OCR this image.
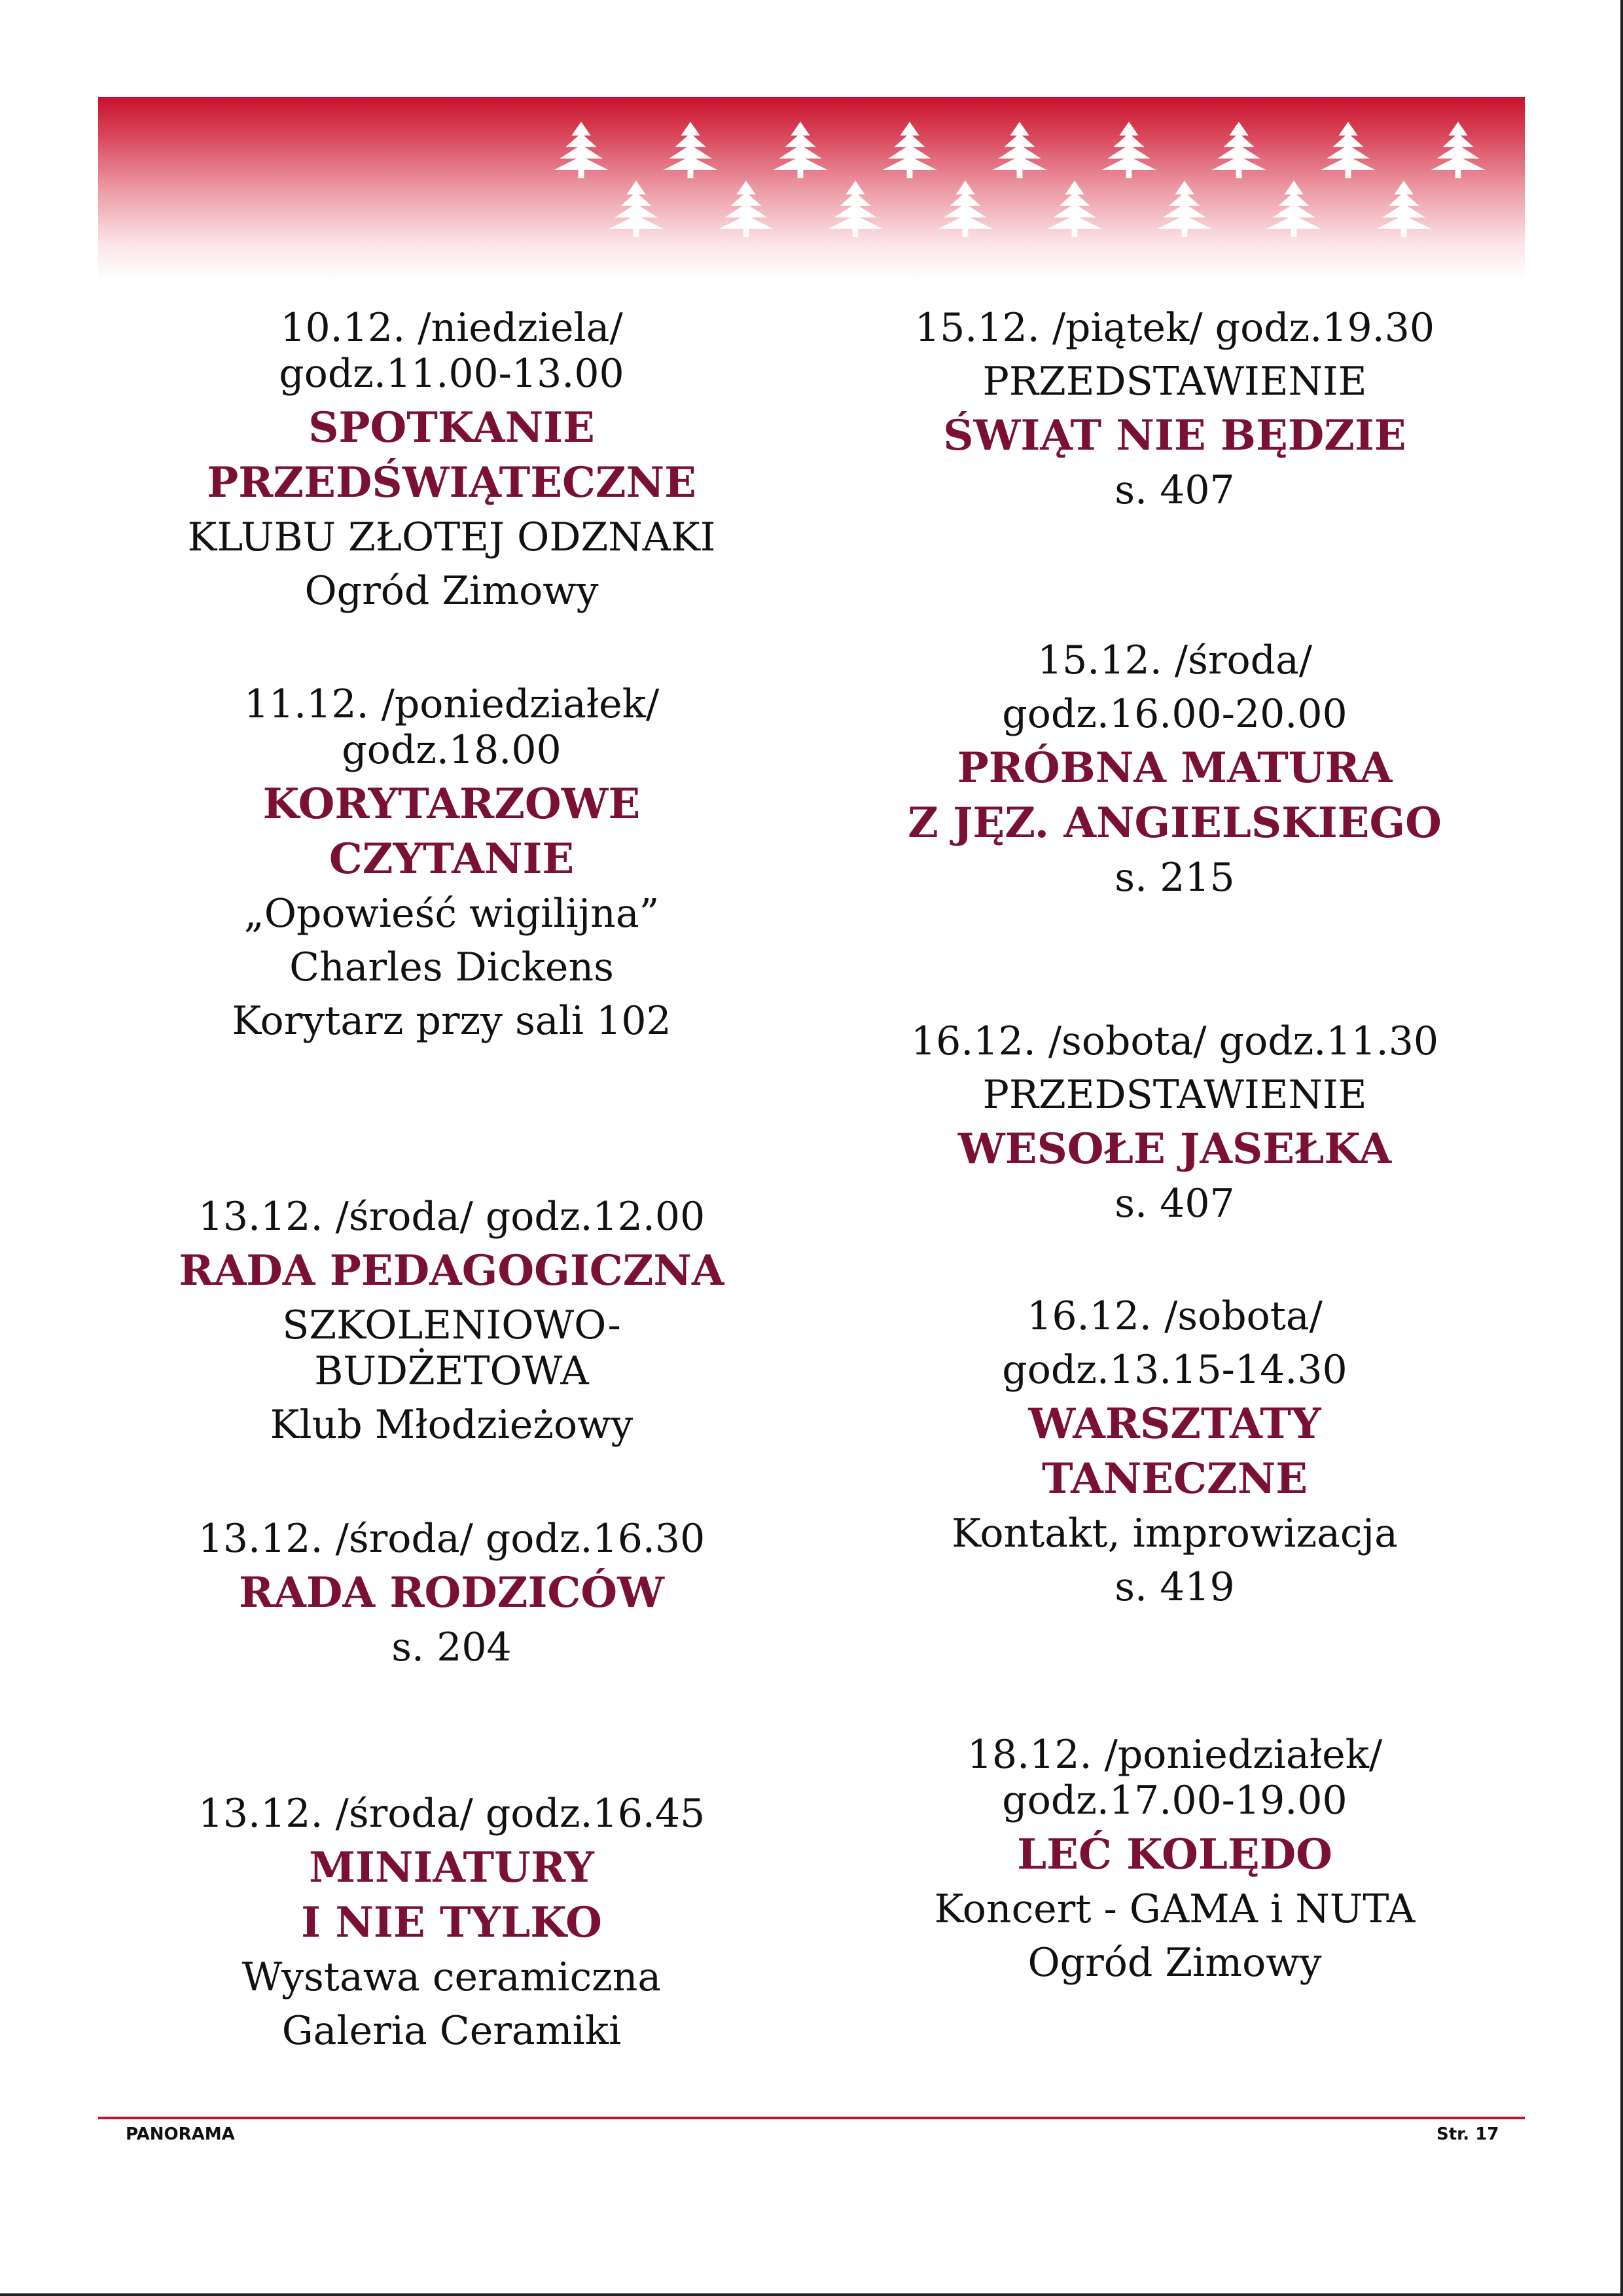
10.12. /niedziela/
godz.11.00-13.00
SPOTKANIE
PRZEDŚWIĄTECZNE
KLUBU ZŁOTEJ ODZNAKI
Ogród Zimowy
11.12. /poniedziałek/
godz.18.00
KORYTARZOWE
CZYTANIE
„Opowieść wigilijna”
Charles Dickens
Korytarz przy sali 102
13.12. /środa/ godz.12.00
RADA PEDAGOGICZNA
SZKOLENIOWO-
BUDŻETOWA
Klub Młodzieżowy
13.12. /środa/ godz.16.30
RADA RODZICÓW
s. 204
13.12. /środa/ godz.16.45
MINIATURY
I NIE TYLKO
Wystawa ceramiczna
Galeria Ceramiki
15.12. /piątek/ godz.19.30
PRZEDSTAWIENIE
ŚWIĄT NIE BĘDZIE
s. 407
15.12. /środa/
godz.16.00-20.00
PRÓBNA MATURA
Z JĘZ. ANGIELSKIEGO
s. 215
16.12. /sobota/ godz.11.30
PRZEDSTAWIENIE
WESOŁE JASEŁKA
s. 407
16.12. /sobota/
godz.13.15-14.30
WARSZTATY
TANECZNE
Kontakt, improwizacja
s. 419
18.12. /poniedziałek/
godz.17.00-19.00
LEĆ KOLĘDO
Koncert - GAMA i NUTA
Ogród Zimowy
PANORAMA	Str. 17
